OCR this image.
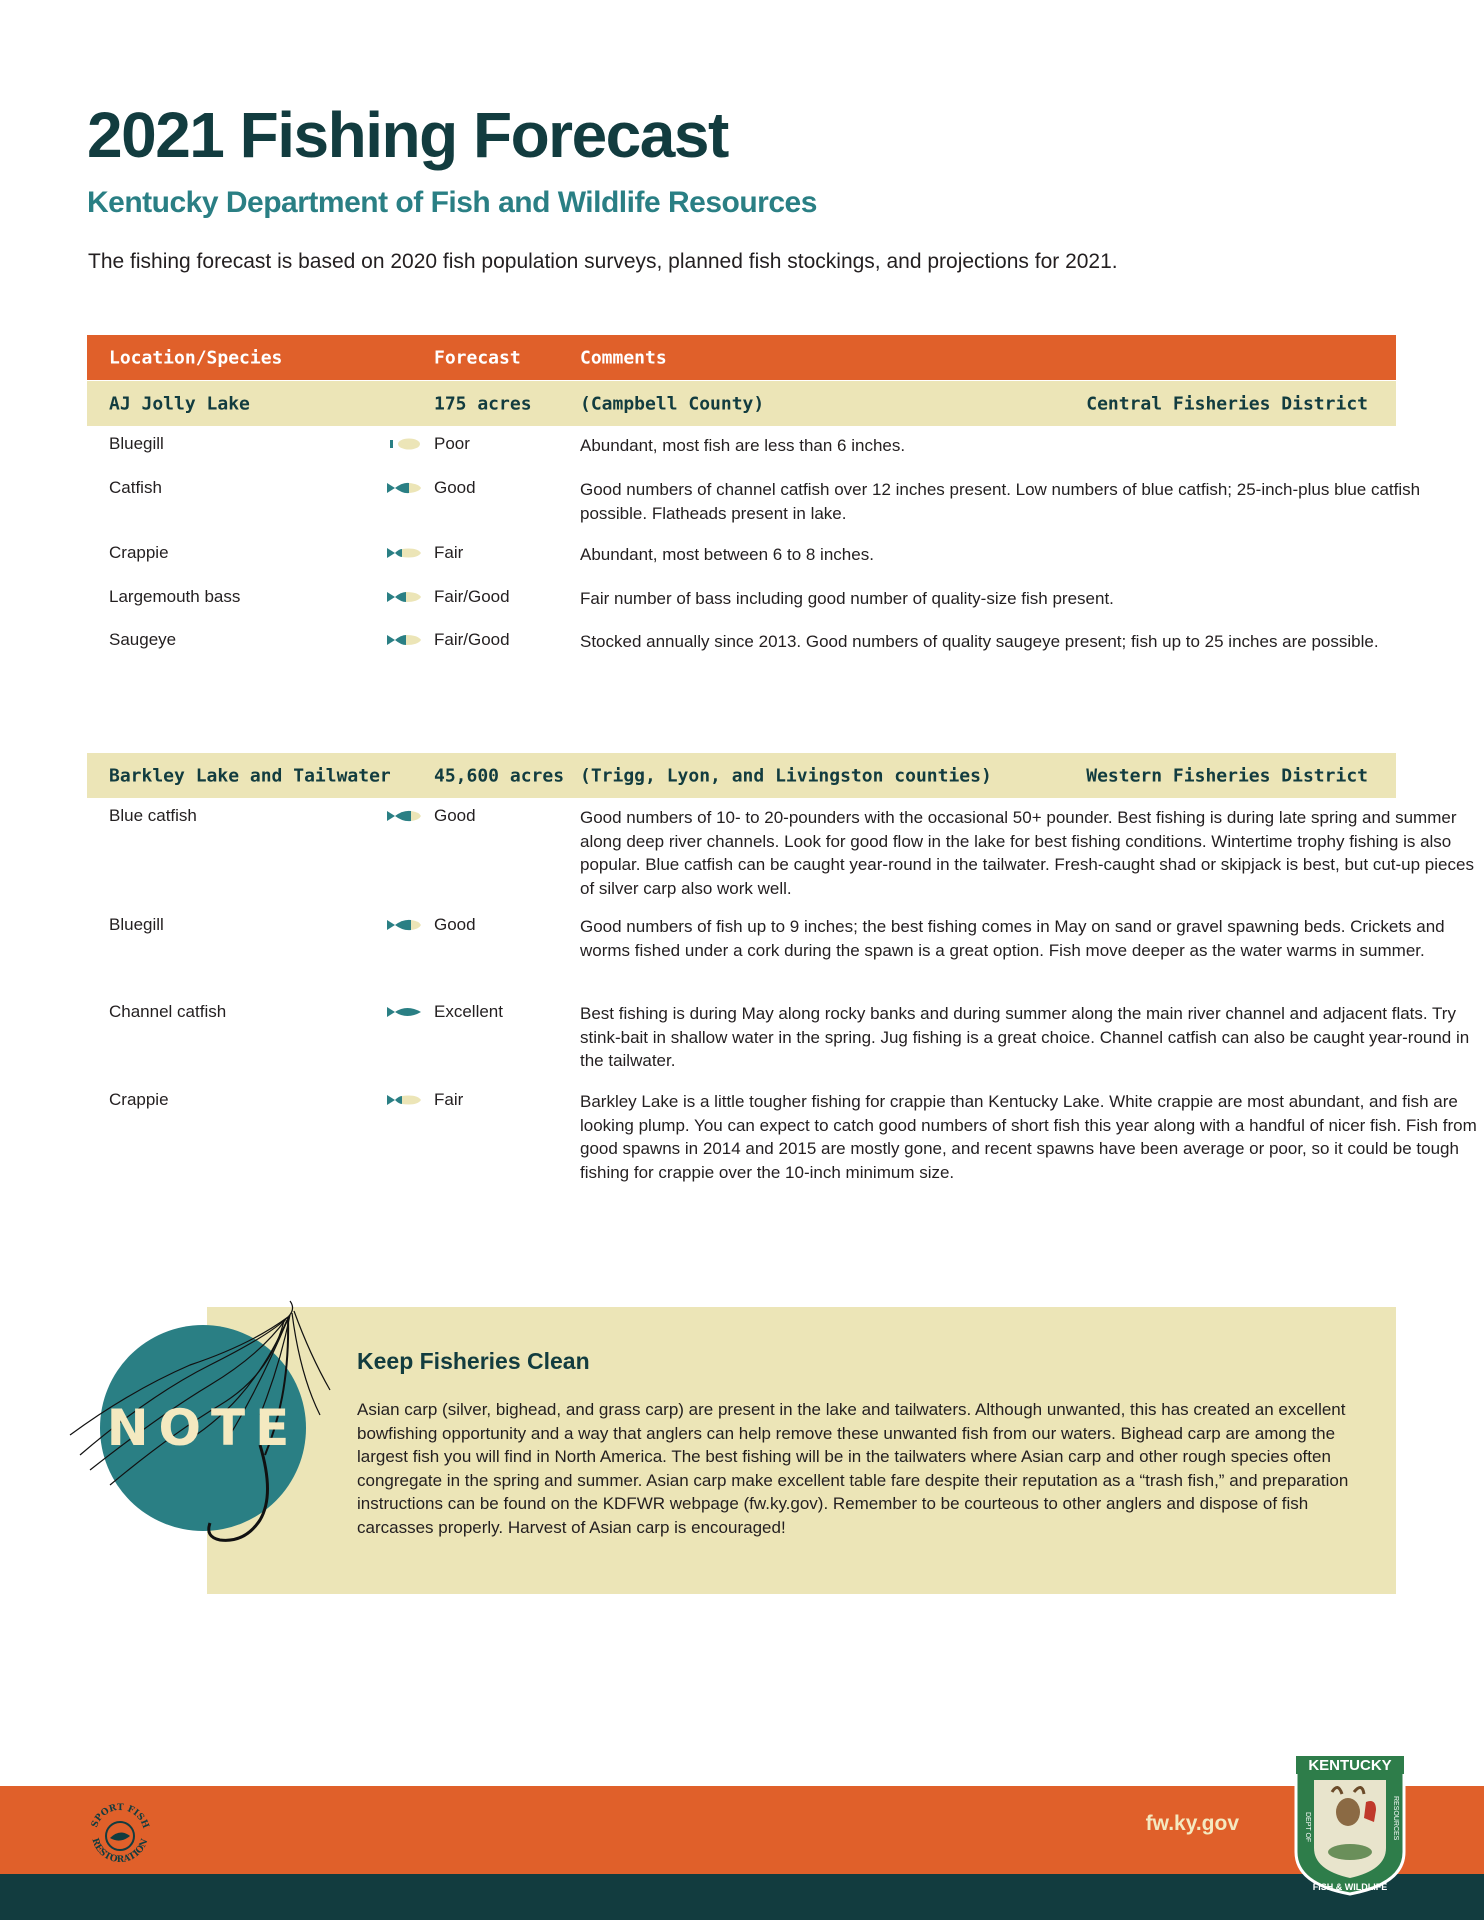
2021 Fishing Forecast
Kentucky Department of Fish and Wildlife Resources

The fishing forecast is based on 2020 fish population surveys, planned fish stockings, and projections for 2021.

Location/Species	Forecast	Comments
AJ Jolly Lake	175 acres	(Campbell County)	Central Fisheries District
Bluegill	Poor	Abundant, most fish are less than 6 inches.

Catfish	Good	Good numbers of channel catfish over 12 inches present. Low numbers of blue catfish; 25-inch-plus blue catfish possible. Flatheads present in lake.

Crappie	Fair	Abundant, most between 6 to 8 inches.

Largemouth bass	Fair/Good	Fair number of bass including good number of quality-size fish present.

Saugeye	Fair/Good	Stocked annually since 2013. Good numbers of quality saugeye present; fish up to 25 inches are possible.

Barkley Lake and Tailwater 45,600 acres (Trigg, Lyon, and Livingston counties)	Western Fisheries District
Blue catfish	Good	Good numbers of 10- to 20-pounders with the occasional 50+ pounder. Best fishing is during late spring and summer along deep river channels. Look for good flow in the lake for best fishing conditions. Wintertime trophy fishing is also popular. Blue catfish can be caught year-round in the tailwater. Fresh-caught shad or skipjack is best, but cut-up pieces of silver carp also work well.

Bluegill	Good	Good numbers of fish up to 9 inches; the best fishing comes in May on sand or gravel spawning beds. Crickets and worms fished under a cork during the spawn is a great option. Fish move deeper as the water warms in summer.

Channel catfish	Excellent	Best fishing is during May along rocky banks and during summer along the main river channel and adjacent flats. Try stink-bait in shallow water in the spring. Jug fishing is a great choice. Channel catfish can also be caught year-round in the tailwater.

Crappie	Fair	Barkley Lake is a little tougher fishing for crappie than Kentucky Lake. White crappie are most abundant, and fish are looking plump. You can expect to catch good numbers of short fish this year along with a handful of nicer fish. Fish from good spawns in 2014 and 2015 are mostly gone, and recent spawns have been average or poor, so it could be tough fishing for crappie over the 10-inch minimum size.

NOTE
Keep Fisheries Clean

Asian carp (silver, bighead, and grass carp) are present in the lake and tailwaters. Although unwanted, this has created an excellent bowfishing opportunity and a way that anglers can help remove these unwanted fish from our waters. Bighead carp are among the largest fish you will find in North America. The best fishing will be in the tailwaters where Asian carp and other rough species often congregate in the spring and summer. Asian carp make excellent table fare despite their reputation as a “trash fish,” and preparation instructions can be found on the KDFWR webpage (fw.ky.gov). Remember to be courteous to other anglers and dispose of fish carcasses properly. Harvest of Asian carp is encouraged!

SPORT FISH
RESTORATION
fw.ky.gov
KENTUCKY
DEPT OF	RESOURCES
FISH & WILDLIFE
